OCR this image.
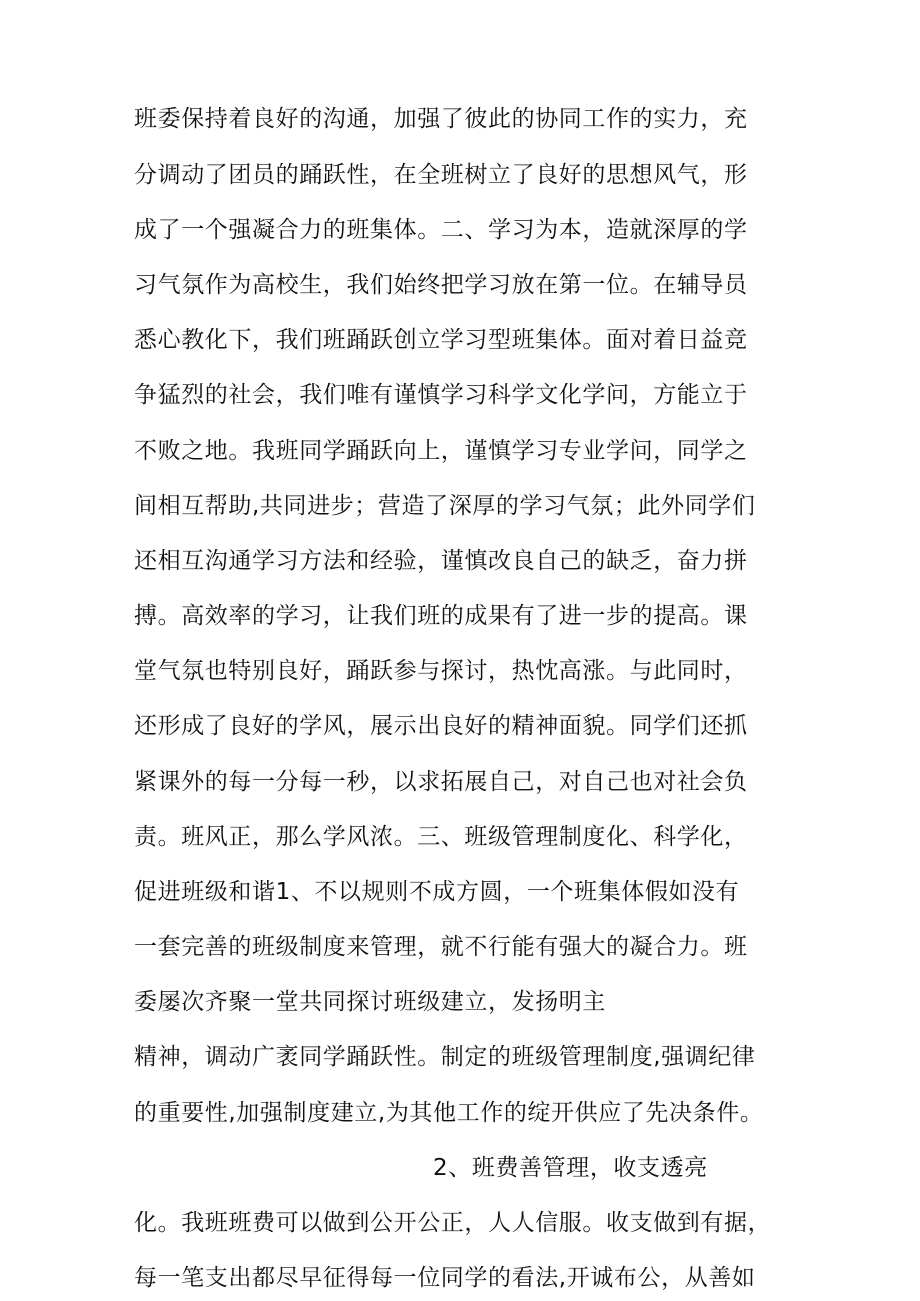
班委保持着良好的沟通，加强了彼此的协同工作的实力，充
分调动了团员的踊跃性，在全班树立了良好的思想风气，形
成了一个强凝合力的班集体。二、学习为本，造就深厚的学
习气氛作为高校生，我们始终把学习放在第一位。在辅导员
悉心教化下，我们班踊跃创立学习型班集体。面对着日益竞
争猛烈的社会，我们唯有谨慎学习科学文化学问，方能立于
不败之地。我班同学踊跃向上，谨慎学习专业学问，同学之
间相互帮助,共同进步；营造了深厚的学习气氛；此外同学们
还相互沟通学习方法和经验，谨慎改良自己的缺乏，奋力拼
搏。高效率的学习，让我们班的成果有了进一步的提高。课
堂气氛也特别良好，踊跃参与探讨，热忱高涨。与此同时，
还形成了良好的学风，展示出良好的精神面貌。同学们还抓
紧课外的每一分每一秒，以求拓展自己，对自己也对社会负
责。班风正，那么学风浓。三、班级管理制度化、科学化，
促进班级和谐1、不以规则不成方圆，一个班集体假如没有
一套完善的班级制度来管理，就不行能有强大的凝合力。班
委屡次齐聚一堂共同探讨班级建立，发扬明主
精神，调动广袤同学踊跃性。制定的班级管理制度,强调纪律
的重要性,加强制度建立,为其他工作的绽开供应了先决条件。
2、班费善管理，收支透亮
化。我班班费可以做到公开公正，人人信服。收支做到有据，
每一笔支出都尽早征得每一位同学的看法,开诚布公，从善如
